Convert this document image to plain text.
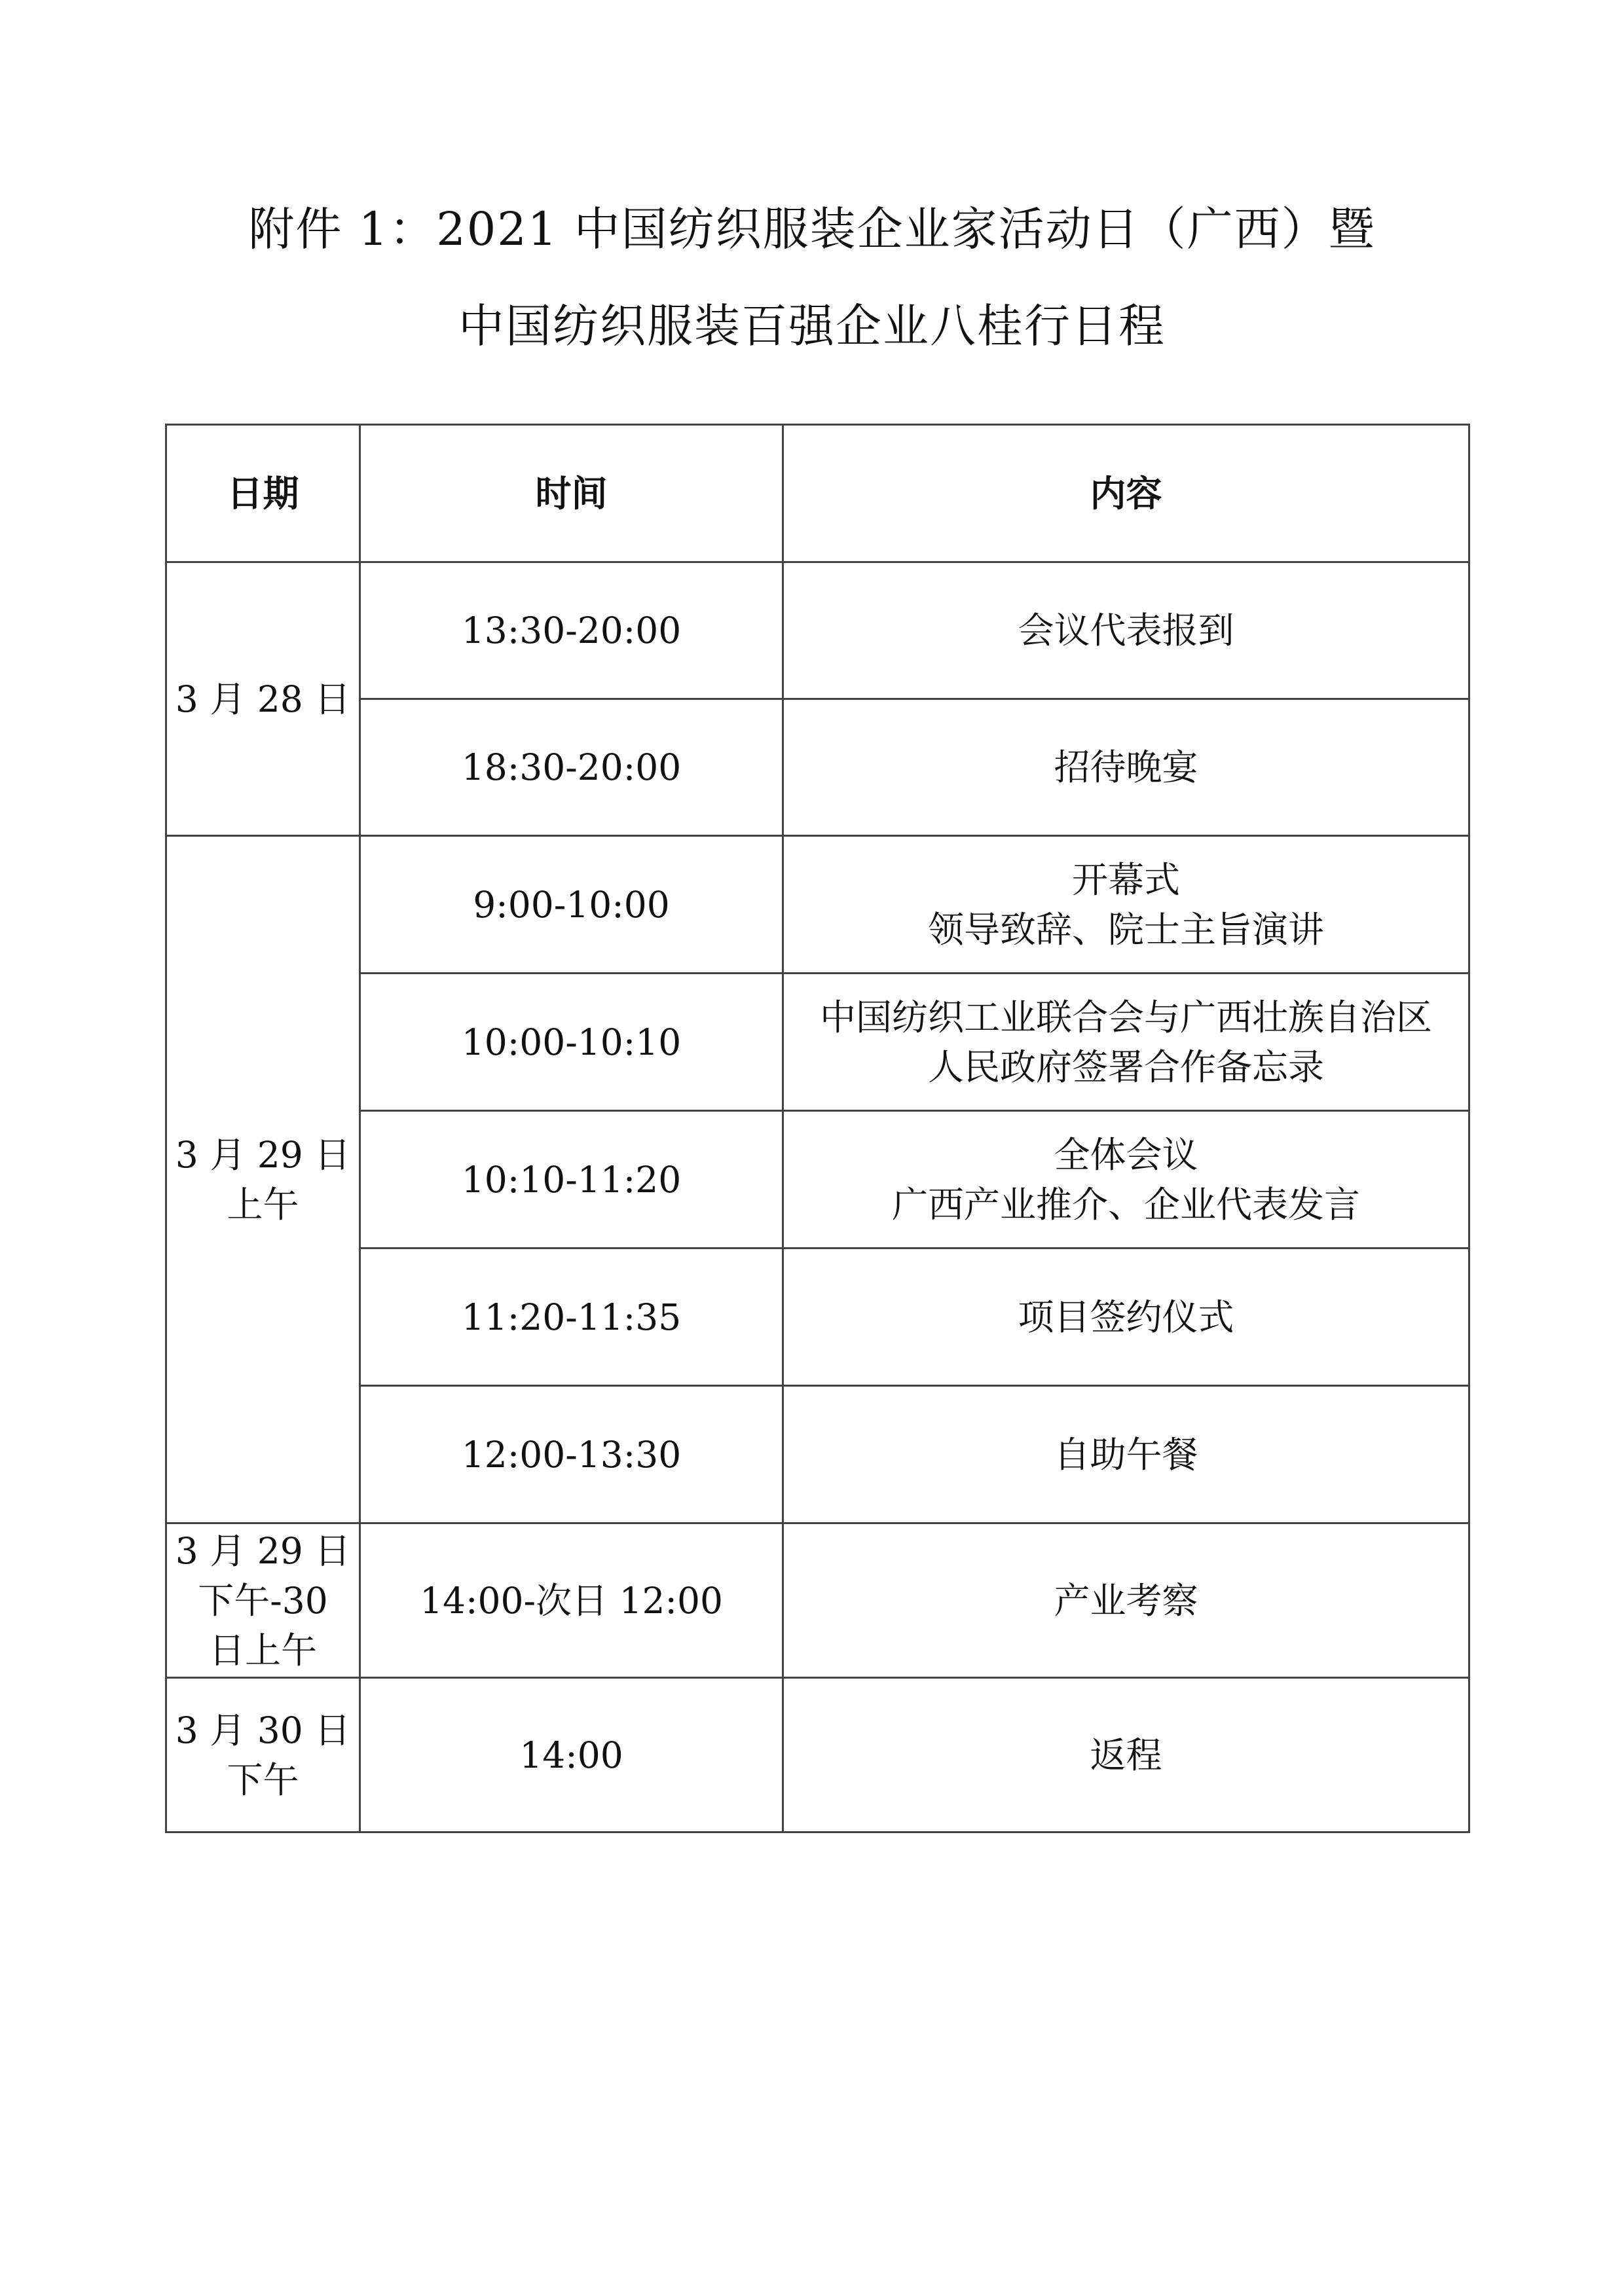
附件 1：2021 中国纺织服装企业家活动日（广西）暨
中国纺织服装百强企业八桂行日程
日期	时间	内容
3 月 28 日	13:30-20:00	会议代表报到
	18:30-20:00	招待晚宴
3 月 29 日
上午	9:00-10:00	开幕式
领导致辞、院士主旨演讲
	10:00-10:10	中国纺织工业联合会与广西壮族自治区
人民政府签署合作备忘录
	10:10-11:20	全体会议
广西产业推介、企业代表发言
	11:20-11:35	项目签约仪式
	12:00-13:30	自助午餐
3 月 29 日
下午-30
日上午	14:00-次日 12:00	产业考察
3 月 30 日
下午	14:00	返程
